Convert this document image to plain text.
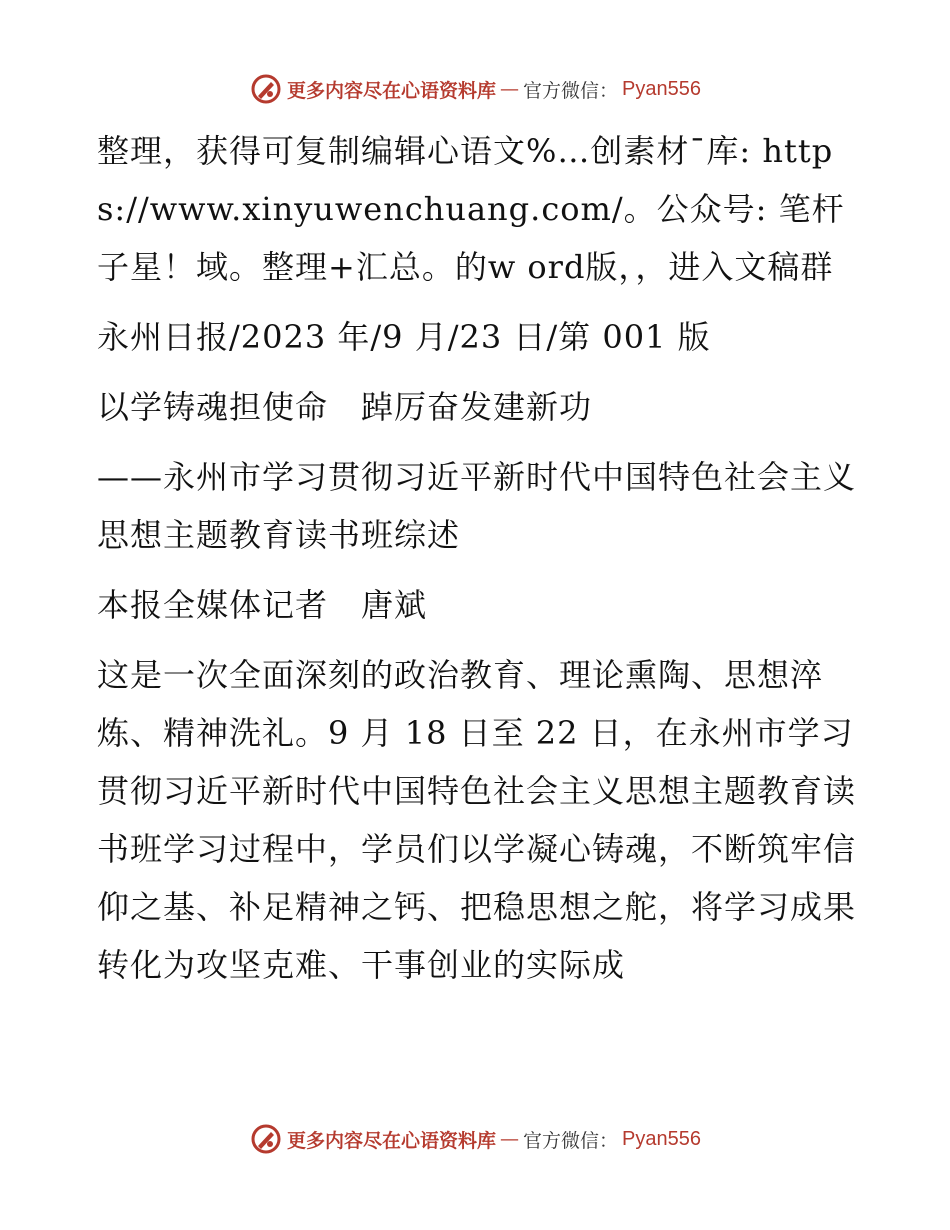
更多内容尽在心语资料库 — 官方微信： Pyan556

整理，获得可复制编辑心语文%…创素材¯库: https://www.xinyuwenchuang.com/。公众号: 笔杆子星！域。整理+汇总。的w ord版，，进入文稿群

永州日报/2023 年/9 月/23 日/第 001 版

以学铸魂担使命　踔厉奋发建新功

——永州市学习贯彻习近平新时代中国特色社会主义思想主题教育读书班综述

本报全媒体记者　唐斌

这是一次全面深刻的政治教育、理论熏陶、思想淬炼、精神洗礼。9 月 18 日至 22 日，在永州市学习贯彻习近平新时代中国特色社会主义思想主题教育读书班学习过程中，学员们以学凝心铸魂，不断筑牢信仰之基、补足精神之钙、把稳思想之舵，将学习成果转化为攻坚克难、干事创业的实际成

更多内容尽在心语资料库 — 官方微信： Pyan556
